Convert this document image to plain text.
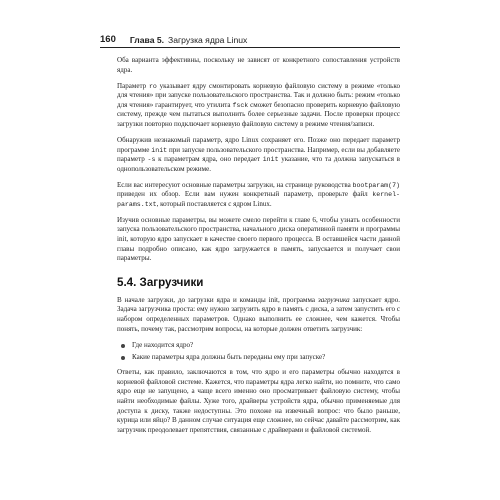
160 Глава 5. Загрузка ядра Linux

Оба варианта эффективны, поскольку не зависят от конкретного сопоставления устройств ядра.

Параметр ro указывает ядру смонтировать корневую файловую систему в режиме «только для чтения» при запуске пользовательского пространства. Так и должно быть: режим «только для чтения» гарантирует, что утилита fsck сможет безопасно проверить корневую файловую систему, прежде чем пытаться выполнить более серьезные задачи. После проверки процесс загрузки повторно подключает корневую файловую систему в режиме чтения/записи.

Обнаружив незнакомый параметр, ядро Linux сохраняет его. Позже оно передает параметр программе init при запуске пользовательского пространства. Например, если вы добавляете параметр -s к параметрам ядра, оно передает init указание, что та должна запускаться в однопользовательском режиме.

Если вас интересуют основные параметры загрузки, на странице руководства bootparam(7) приведен их обзор. Если вам нужен конкретный параметр, проверьте файл kernel-params.txt, который поставляется с ядром Linux.

Изучив основные параметры, вы можете смело перейти к главе 6, чтобы узнать особенности запуска пользовательского пространства, начального диска оперативной памяти и программы init, которую ядро запускает в качестве своего первого процесса. В оставшейся части данной главы подробно описано, как ядро загружается в память, запускается и получает свои параметры.

5.4. Загрузчики

В начале загрузки, до загрузки ядра и команды init, программа загрузчика запускает ядро. Задача загрузчика проста: ему нужно загрузить ядро в память с диска, а затем запустить его с набором определенных параметров. Однако выполнить ее сложнее, чем кажется. Чтобы понять, почему так, рассмотрим вопросы, на которые должен ответить загрузчик:

Где находится ядро?
Какие параметры ядра должны быть переданы ему при запуске?

Ответы, как правило, заключаются в том, что ядро и его параметры обычно находятся в корневой файловой системе. Кажется, что параметры ядра легко найти, но помните, что само ядро еще не запущено, а чаще всего именно оно просматривает файловую систему, чтобы найти необходимые файлы. Хуже того, драйверы устройств ядра, обычно применяемые для доступа к диску, также недоступны. Это похоже на извечный вопрос: что было раньше, курица или яйцо? В данном случае ситуация еще сложнее, но сейчас давайте рассмотрим, как загрузчик преодолевает препятствия, связанные с драйверами и файловой системой.
